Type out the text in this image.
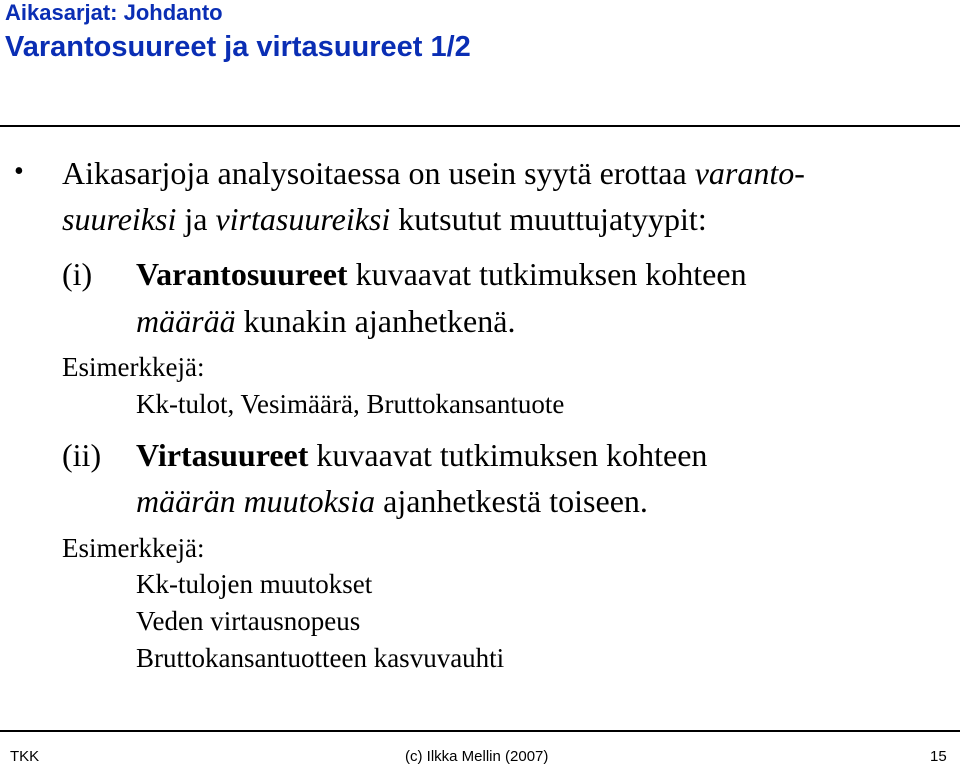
Aikasarjat: Johdanto
Varantosuureet ja virtasuureet 1/2
• Aikasarjoja analysoitaessa on usein syytä erottaa varanto-
suureiksi ja virtasuureiksi kutsutut muuttujatyypit:
(i) Varantosuureet kuvaavat tutkimuksen kohteen
määrää kunakin ajanhetkenä.
Esimerkkejä:
Kk-tulot, Vesimäärä, Bruttokansantuote
(ii) Virtasuureet kuvaavat tutkimuksen kohteen
määrän muutoksia ajanhetkestä toiseen.
Esimerkkejä:
Kk-tulojen muutokset
Veden virtausnopeus
Bruttokansantuotteen kasvuvauhti
TKK	(c) Ilkka Mellin (2007)	15
